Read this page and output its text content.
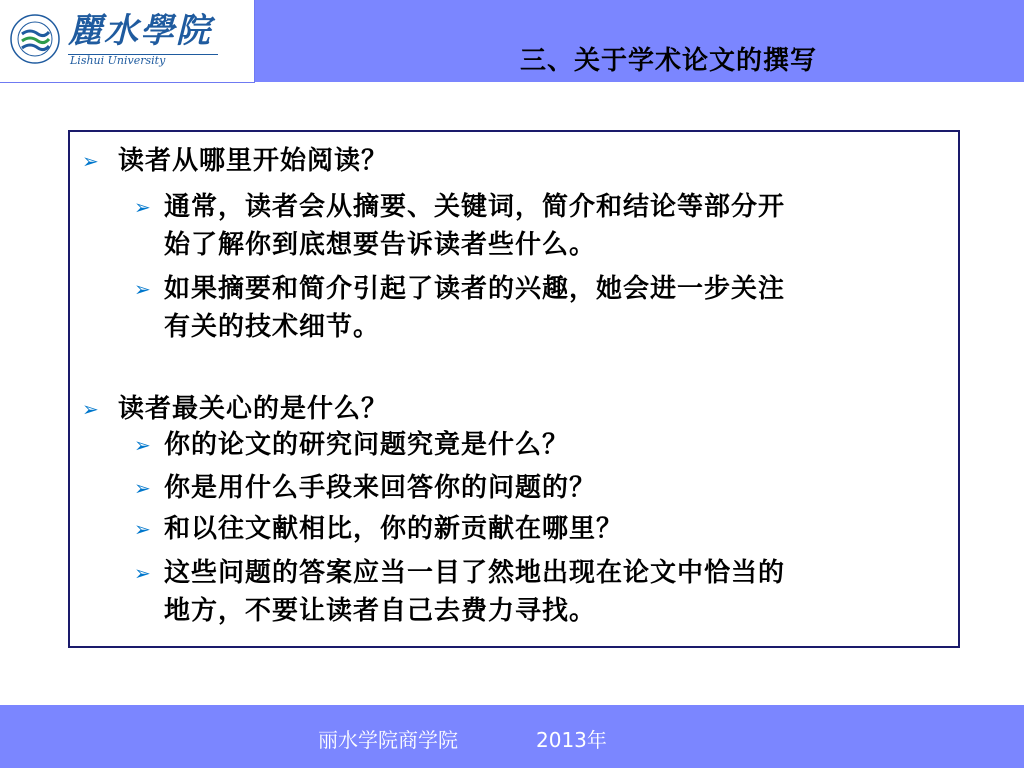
麗水學院
Lishui University	三、关于学术论文的撰写
➢ 读者从哪里开始阅读？
➢ 通常，读者会从摘要、关键词，简介和结论等部分开
始了解你到底想要告诉读者些什么。
➢ 如果摘要和简介引起了读者的兴趣，她会进一步关注
有关的技术细节。
➢ 读者最关心的是什么？
➢ 你的论文的研究问题究竟是什么？
➢ 你是用什么手段来回答你的问题的？
➢ 和以往文献相比，你的新贡献在哪里？
➢ 这些问题的答案应当一目了然地出现在论文中恰当的
地方，不要让读者自己去费力寻找。
丽水学院商学院	2013年
